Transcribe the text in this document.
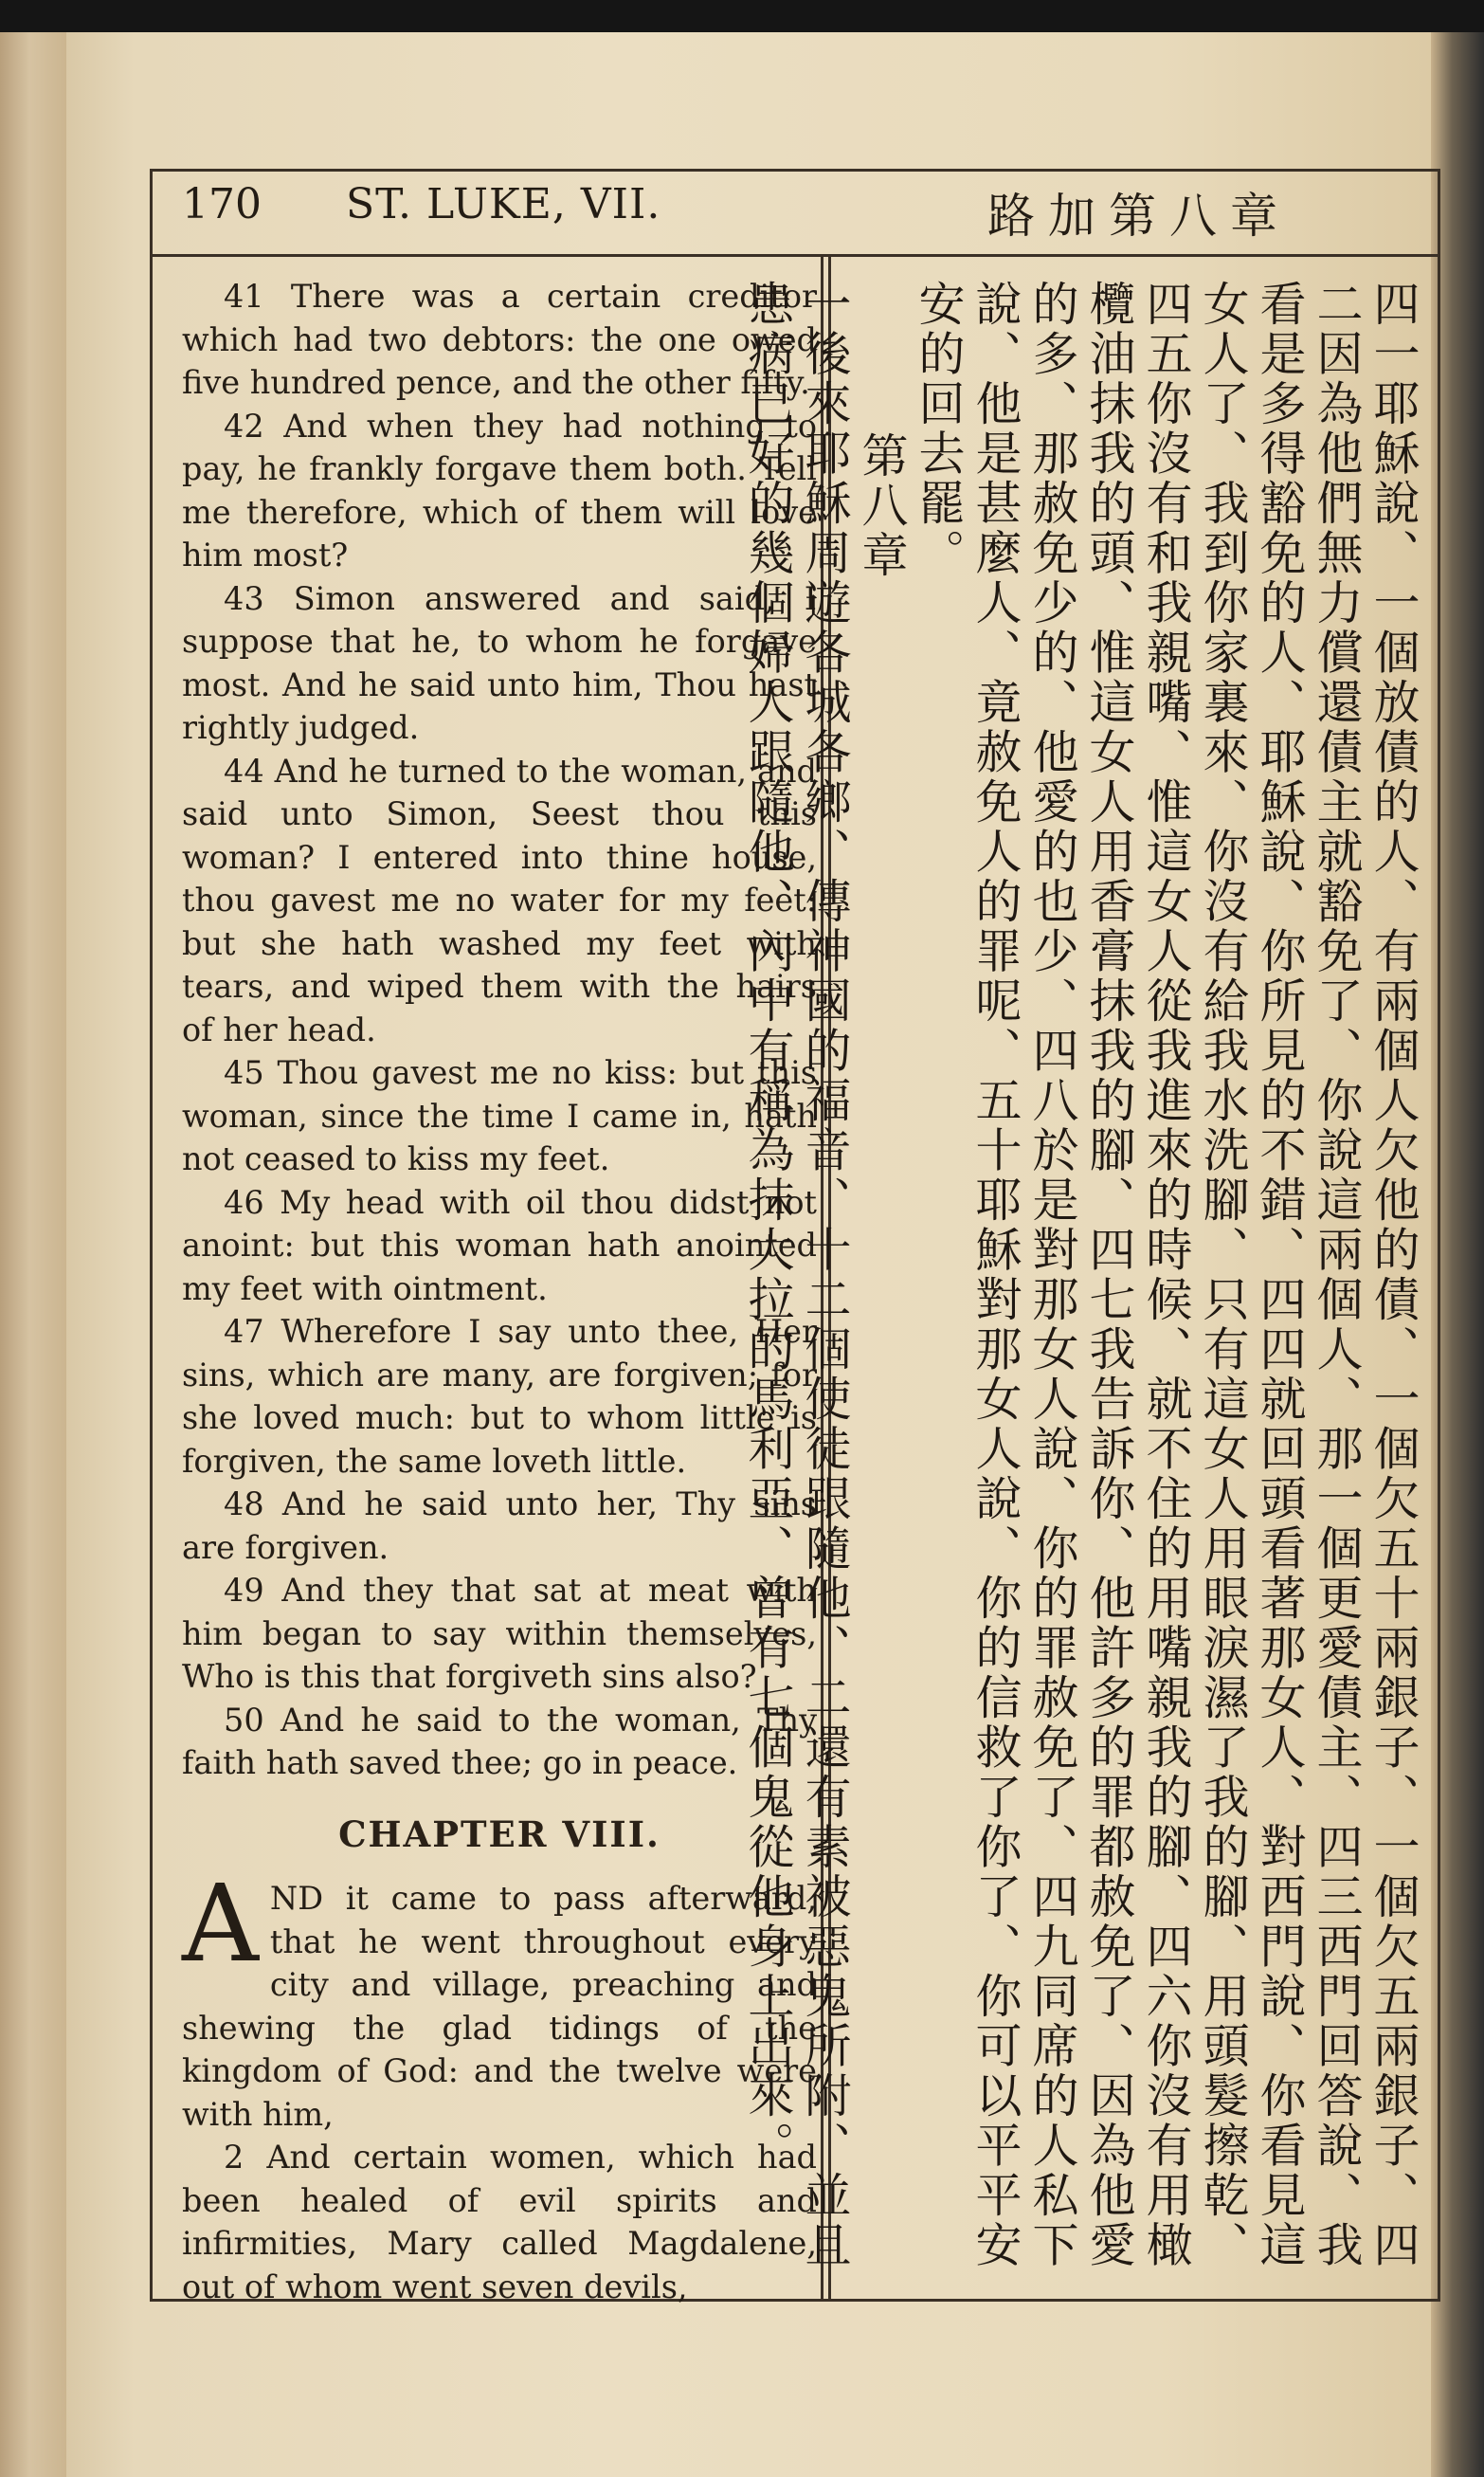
170 ST. LUKE, VII.	路加第八章

41 There was a certain creditor which had two debtors: the one owed five hundred pence, and the other fifty.

42 And when they had nothing to pay, he frankly forgave them both. Tell me therefore, which of them will love him most?

43 Simon answered and said, I suppose that he, to whom he forgave most. And he said unto him, Thou hast rightly judged.

44 And he turned to the woman, and said unto Simon, Seest thou this woman? I entered into thine house, thou gavest me no water for my feet: but she hath washed my feet with tears, and wiped them with the hairs of her head.

45 Thou gavest me no kiss: but this woman, since the time I came in, hath not ceased to kiss my feet.

46 My head with oil thou didst not anoint: but this woman hath anointed my feet with ointment.

47 Wherefore I say unto thee, Her sins, which are many, are forgiven; for she loved much: but to whom little is forgiven, the same loveth little.

48 And he said unto her, Thy sins are forgiven.

49 And they that sat at meat with him began to say within themselves, Who is this that forgiveth sins also?

50 And he said to the woman, Thy faith hath saved thee; go in peace.

CHAPTER VIII.

AND it came to pass afterward, that he went throughout every city and village, preaching and shewing the glad tidings of the kingdom of God: and the twelve were with him,

2 And certain women, which had been healed of evil spirits and infirmities, Mary called Magdalene, out of whom went seven devils,

四一耶穌說、一個放債的人、有兩個人欠他的債、一個欠五十兩銀子、一個欠五兩銀子、四二因為他們無力償還債主就豁免了、你說這兩個人、那一個更愛債主、四三西門回答說、我看是多得豁免的人、耶穌說、你所見的不錯、四四就回頭看著那女人、對西門說、你看見這女人了、我到你家裏來、你沒有給我水洗腳、只有這女人用眼淚濕了我的腳、用頭髮擦乾、四五你沒有和我親嘴、惟這女人從我進來的時候、就不住的用嘴親我的腳、四六你沒有用橄欖油抹我的頭、惟這女人用香膏抹我的腳、四七我告訴你、他許多的罪都赦免了、因為他愛的多、那赦免少的、他愛的也少、四八於是對那女人說、你的罪赦免了、四九同席的人私下說、他是甚麼人、竟赦免人的罪呢、五十耶穌對那女人說、你的信救了你了、你可以平平安安的回去罷。

第八章

一後來耶穌周遊各城各鄉、傳神國的福音、十二個使徒跟隨他、二還有素被惡鬼所附、並且患病已好的幾個婦人跟隨他、內中有稱為抹大拉的馬利亞、曾有七個鬼從他身上出來。
